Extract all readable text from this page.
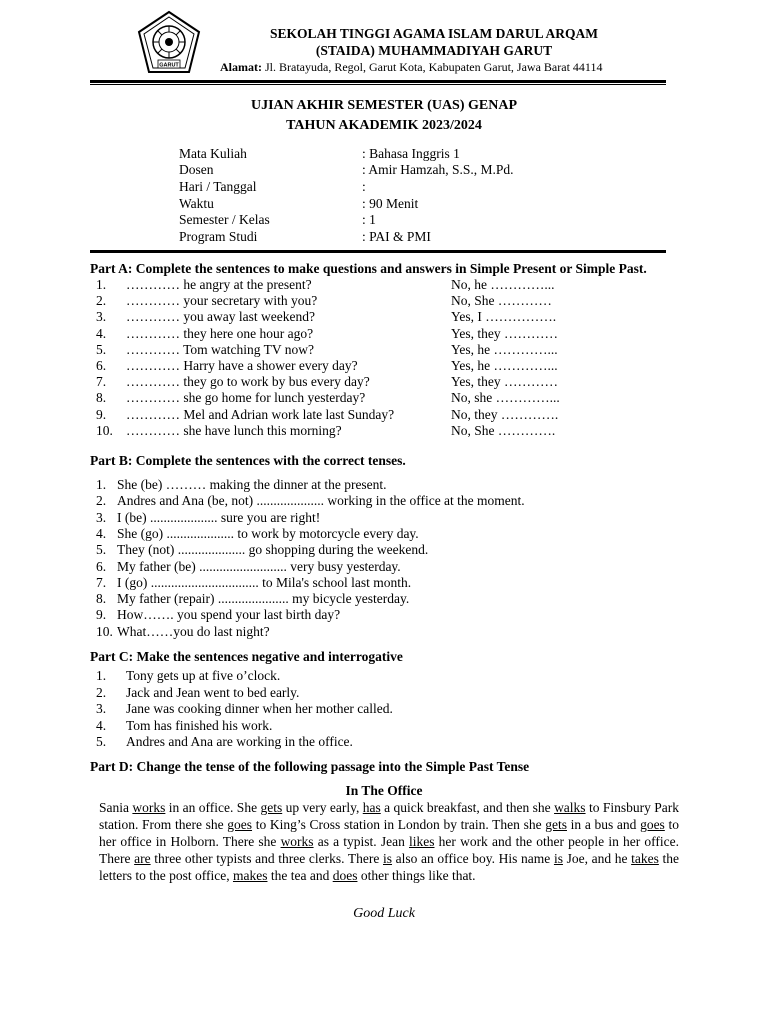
GARUT
SEKOLAH TINGGI AGAMA ISLAM DARUL ARQAM
(STAIDA) MUHAMMADIYAH GARUT
Alamat: Jl. Bratayuda, Regol, Garut Kota, Kabupaten Garut, Jawa Barat 44114
UJIAN AKHIR SEMESTER (UAS) GENAP
TAHUN AKADEMIK 2023/2024
Mata Kuliah	: Bahasa Inggris 1
Dosen	: Amir Hamzah, S.S., M.Pd.
Hari / Tanggal	:
Waktu	: 90 Menit
Semester / Kelas	: 1
Program Studi	: PAI & PMI
Part A: Complete the sentences to make questions and answers in Simple Present or Simple Past.
1. ………… he angry at the present?	No, he …………...
2. ………… your secretary with you?	No, She …………
3. ………… you away last weekend?	Yes, I …………….
4. ………… they here one hour ago?	Yes, they …………
5. ………… Tom watching TV now?	Yes, he …………...
6. ………… Harry have a shower every day?	Yes, he …………...
7. ………… they go to work by bus every day?	Yes, they …………
8. ………… she go home for lunch yesterday?	No, she …………...
9. ………… Mel and Adrian work late last Sunday?	No, they ………….
10. ………… she have lunch this morning?	No, She ………….
Part B: Complete the sentences with the correct tenses.
1. She (be) ……… making the dinner at the present.
2. Andres and Ana (be, not) .................... working in the office at the moment.
3. I (be) .................... sure you are right!
4. She (go) .................... to work by motorcycle every day.
5. They (not) .................... go shopping during the weekend.
6. My father (be) .......................... very busy yesterday.
7. I (go) ................................ to Mila's school last month.
8. My father (repair) ..................... my bicycle yesterday.
9. How……. you spend your last birth day?
10. What……you do last night?
Part C: Make the sentences negative and interrogative
1. Tony gets up at five o’clock.
2. Jack and Jean went to bed early.
3. Jane was cooking dinner when her mother called.
4. Tom has finished his work.
5. Andres and Ana are working in the office.
Part D: Change the tense of the following passage into the Simple Past Tense
In The Office
Sania works in an office. She gets up very early, has a quick breakfast, and then she walks to Finsbury Park station. From there she goes to King’s Cross station in London by train. Then she gets in a bus and goes to her office in Holborn. There she works as a typist. Jean likes her work and the other people in her office. There are three other typists and three clerks. There is also an office boy. His name is Joe, and he takes the letters to the post office, makes the tea and does other things like that.
Good Luck
